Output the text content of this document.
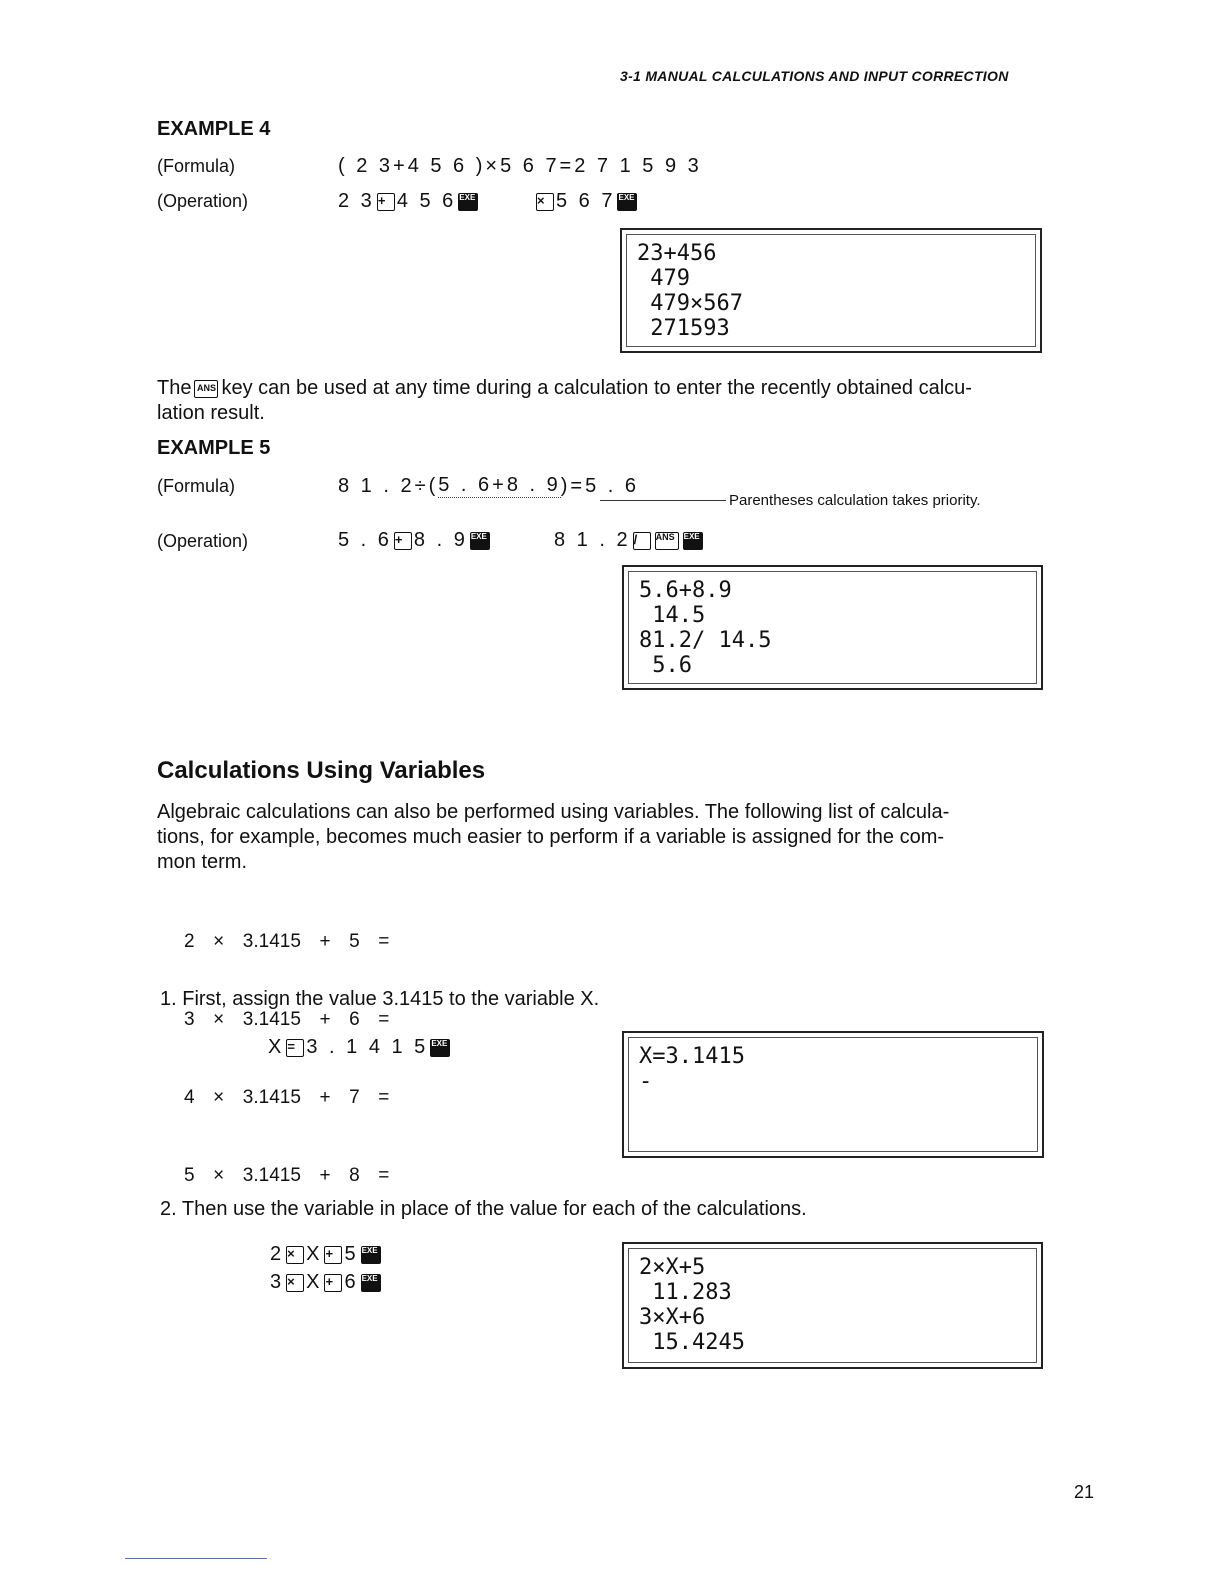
3-1 MANUAL CALCULATIONS AND INPUT CORRECTION
EXAMPLE 4
(Formula)	( 2 3+4 5 6 )×5 6 7=2 7 1 5 9 3
(Operation)	2 3 + 4 5 6 EXE	× 5 6 7 EXE
23+456
479
479×567
271593
The ANS key can be used at any time during a calculation to enter the recently obtained calcu-
lation result.
EXAMPLE 5
(Formula)	8 1 . 2÷( 5 . 6+8 . 9 )=5 . 6
Parentheses calculation takes priority.
(Operation)	5 . 6 + 8 . 9 EXE	8 1 . 2 /	ANS	EXE
5.6+8.9
14.5
81.2/ 14.5
5.6
Calculations Using Variables
Algebraic calculations can also be performed using variables. The following list of calcula-
tions, for example, becomes much easier to perform if a variable is assigned for the com-
mon term.

2  ×  3.1415  +  5  =

3  ×  3.1415  +  6  =

4  ×  3.1415  +  7  =

5  ×  3.1415  +  8  =

1. First, assign the value 3.1415 to the variable X.
X = 3 . 1 4 1 5 EXE
X=3.1415
-
2. Then use the variable in place of the value for each of the calculations.
2 × X + 5 EXE
3 × X + 6 EXE	2×X+5
11.283
3×X+6
15.4245
21
